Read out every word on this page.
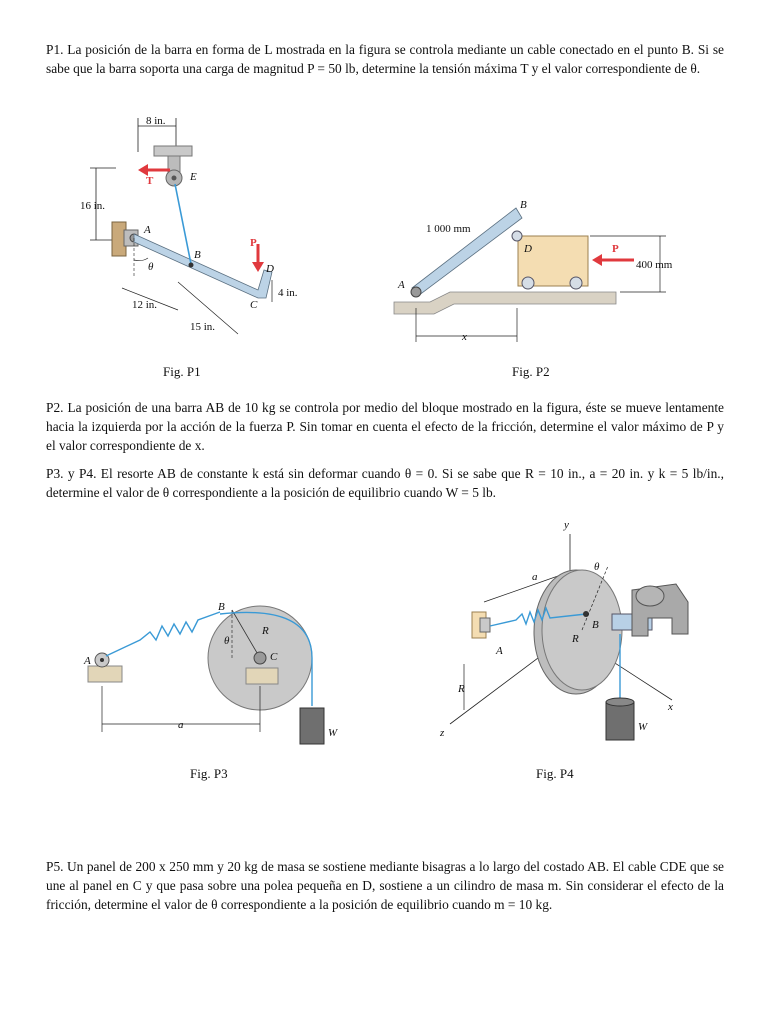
P1. La posición de la barra en forma de L mostrada en la figura se controla mediante un cable conectado en el punto B. Si se sabe que la barra soporta una carga de magnitud P = 50 lb, determine la tensión máxima T y el valor correspondiente de θ.
8 in.
E
T
16 in.
A
B
P
D
C
θ
12 in.
15 in.
4 in.
D
B
A
1 000 mm
P
400 mm
x
Fig. P1	Fig. P2
P2. La posición de una barra AB de 10 kg se controla por medio del bloque mostrado en la figura, éste se mueve lentamente hacia la izquierda por la acción de la fuerza P. Sin tomar en cuenta el efecto de la fricción, determine el valor máximo de P y el valor correspondiente de x.
P3. y P4. El resorte AB de constante k está sin deformar cuando θ = 0. Si se sabe que R = 10 in., a = 20 in. y k = 5 lb/in., determine el valor de θ correspondiente a la posición de equilibrio cuando W = 5 lb.
A
B
θ
R
C
W
a
y
x
z
A
a
B
θ
R
R
W
Fig. P3	Fig. P4
P5. Un panel de 200 x 250 mm y 20 kg de masa se sostiene mediante bisagras a lo largo del costado AB. El cable CDE que se une al panel en C y que pasa sobre una polea pequeña en D, sostiene a un cilindro de masa m. Sin considerar el efecto de la fricción, determine el valor de θ correspondiente a la posición de equilibrio cuando m = 10 kg.
